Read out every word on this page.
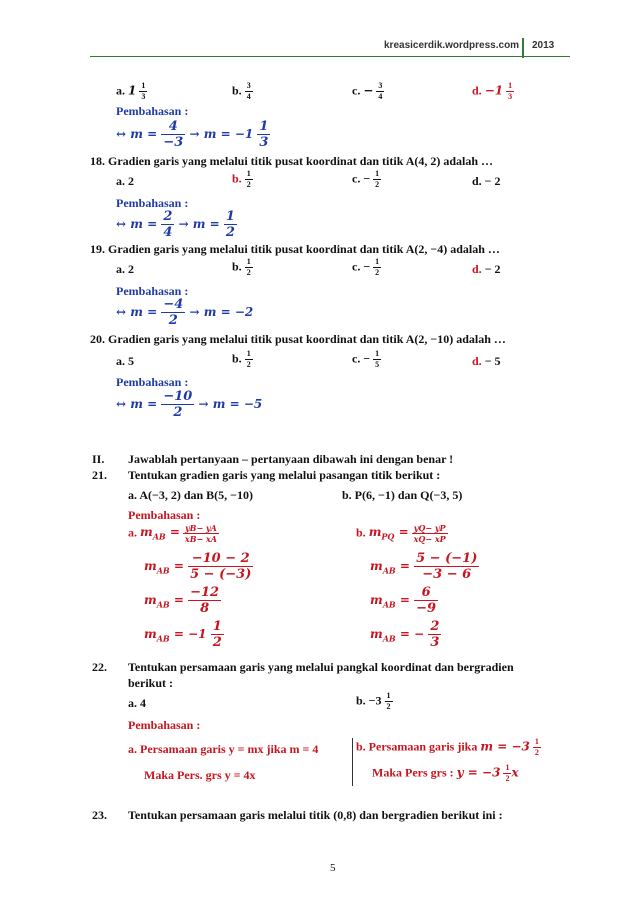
kreasicerdik.wordpress.com 2013
a. $1 \frac{1}{3}$	b. $\frac{3}{4}$	c. − $\frac{3}{4}$	d. $-1 \frac{1}{3}$
Pembahasan :
↔ $m = \frac{4}{-3} \to m = -1 \frac{1}{3}$
18. Gradien garis yang melalui titik pusat koordinat dan titik A(4, 2) adalah …
a. 2	b. $\frac{1}{2}$	c. − $\frac{1}{2}$	d. − 2
Pembahasan :
↔ $m = \frac{2}{4} \to m = \frac{1}{2}$
19. Gradien garis yang melalui titik pusat koordinat dan titik A(2, −4) adalah …
a. 2	b. $\frac{1}{2}$	c. − $\frac{1}{2}$	d. − 2
Pembahasan :
↔ $m = \frac{-4}{2} \to m = -2$
20. Gradien garis yang melalui titik pusat koordinat dan titik A(2, −10) adalah …
a. 5	b. $\frac{1}{2}$	c. − $\frac{1}{5}$	d. − 5
Pembahasan :
↔ $m = \frac{-10}{2} \to m = -5$
II. Jawablah pertanyaan – pertanyaan dibawah ini dengan benar !
21. Tentukan gradien garis yang melalui pasangan titik berikut :
a. A(−3, 2) dan B(5, −10)	b. P(6, −1) dan Q(−3, 5)
Pembahasan :
a. $m_{AB} = \frac{yB- yA}{xB- xA}$
$m_{AB} = \frac{-10 - 2}{5 - (-3)}$
$m_{AB} = \frac{-12}{8}$
$m_{AB} = -1 \frac{1}{2}$
b. $m_{PQ} = \frac{yQ- yP}{xQ- xP}$
$m_{AB} = \frac{5 - (-1)}{-3 - 6}$
$m_{AB} = \frac{6}{-9}$
$m_{AB}$ = − $\frac{2}{3}$
22. Tentukan persamaan garis yang melalui pangkal koordinat dan bergradien
berikut :
a. 4	b. $-3 \frac{1}{2}$
Pembahasan :
a. Persamaan garis y = mx jika m = 4
Maka Pers. grs y = 4x
b. Persamaan garis jika $m = -3 \frac{1}{2}$
Maka Pers grs : $y = -3 \frac{1}{2}$ x
23. Tentukan persamaan garis melalui titik (0,8) dan bergradien berikut ini :
5
